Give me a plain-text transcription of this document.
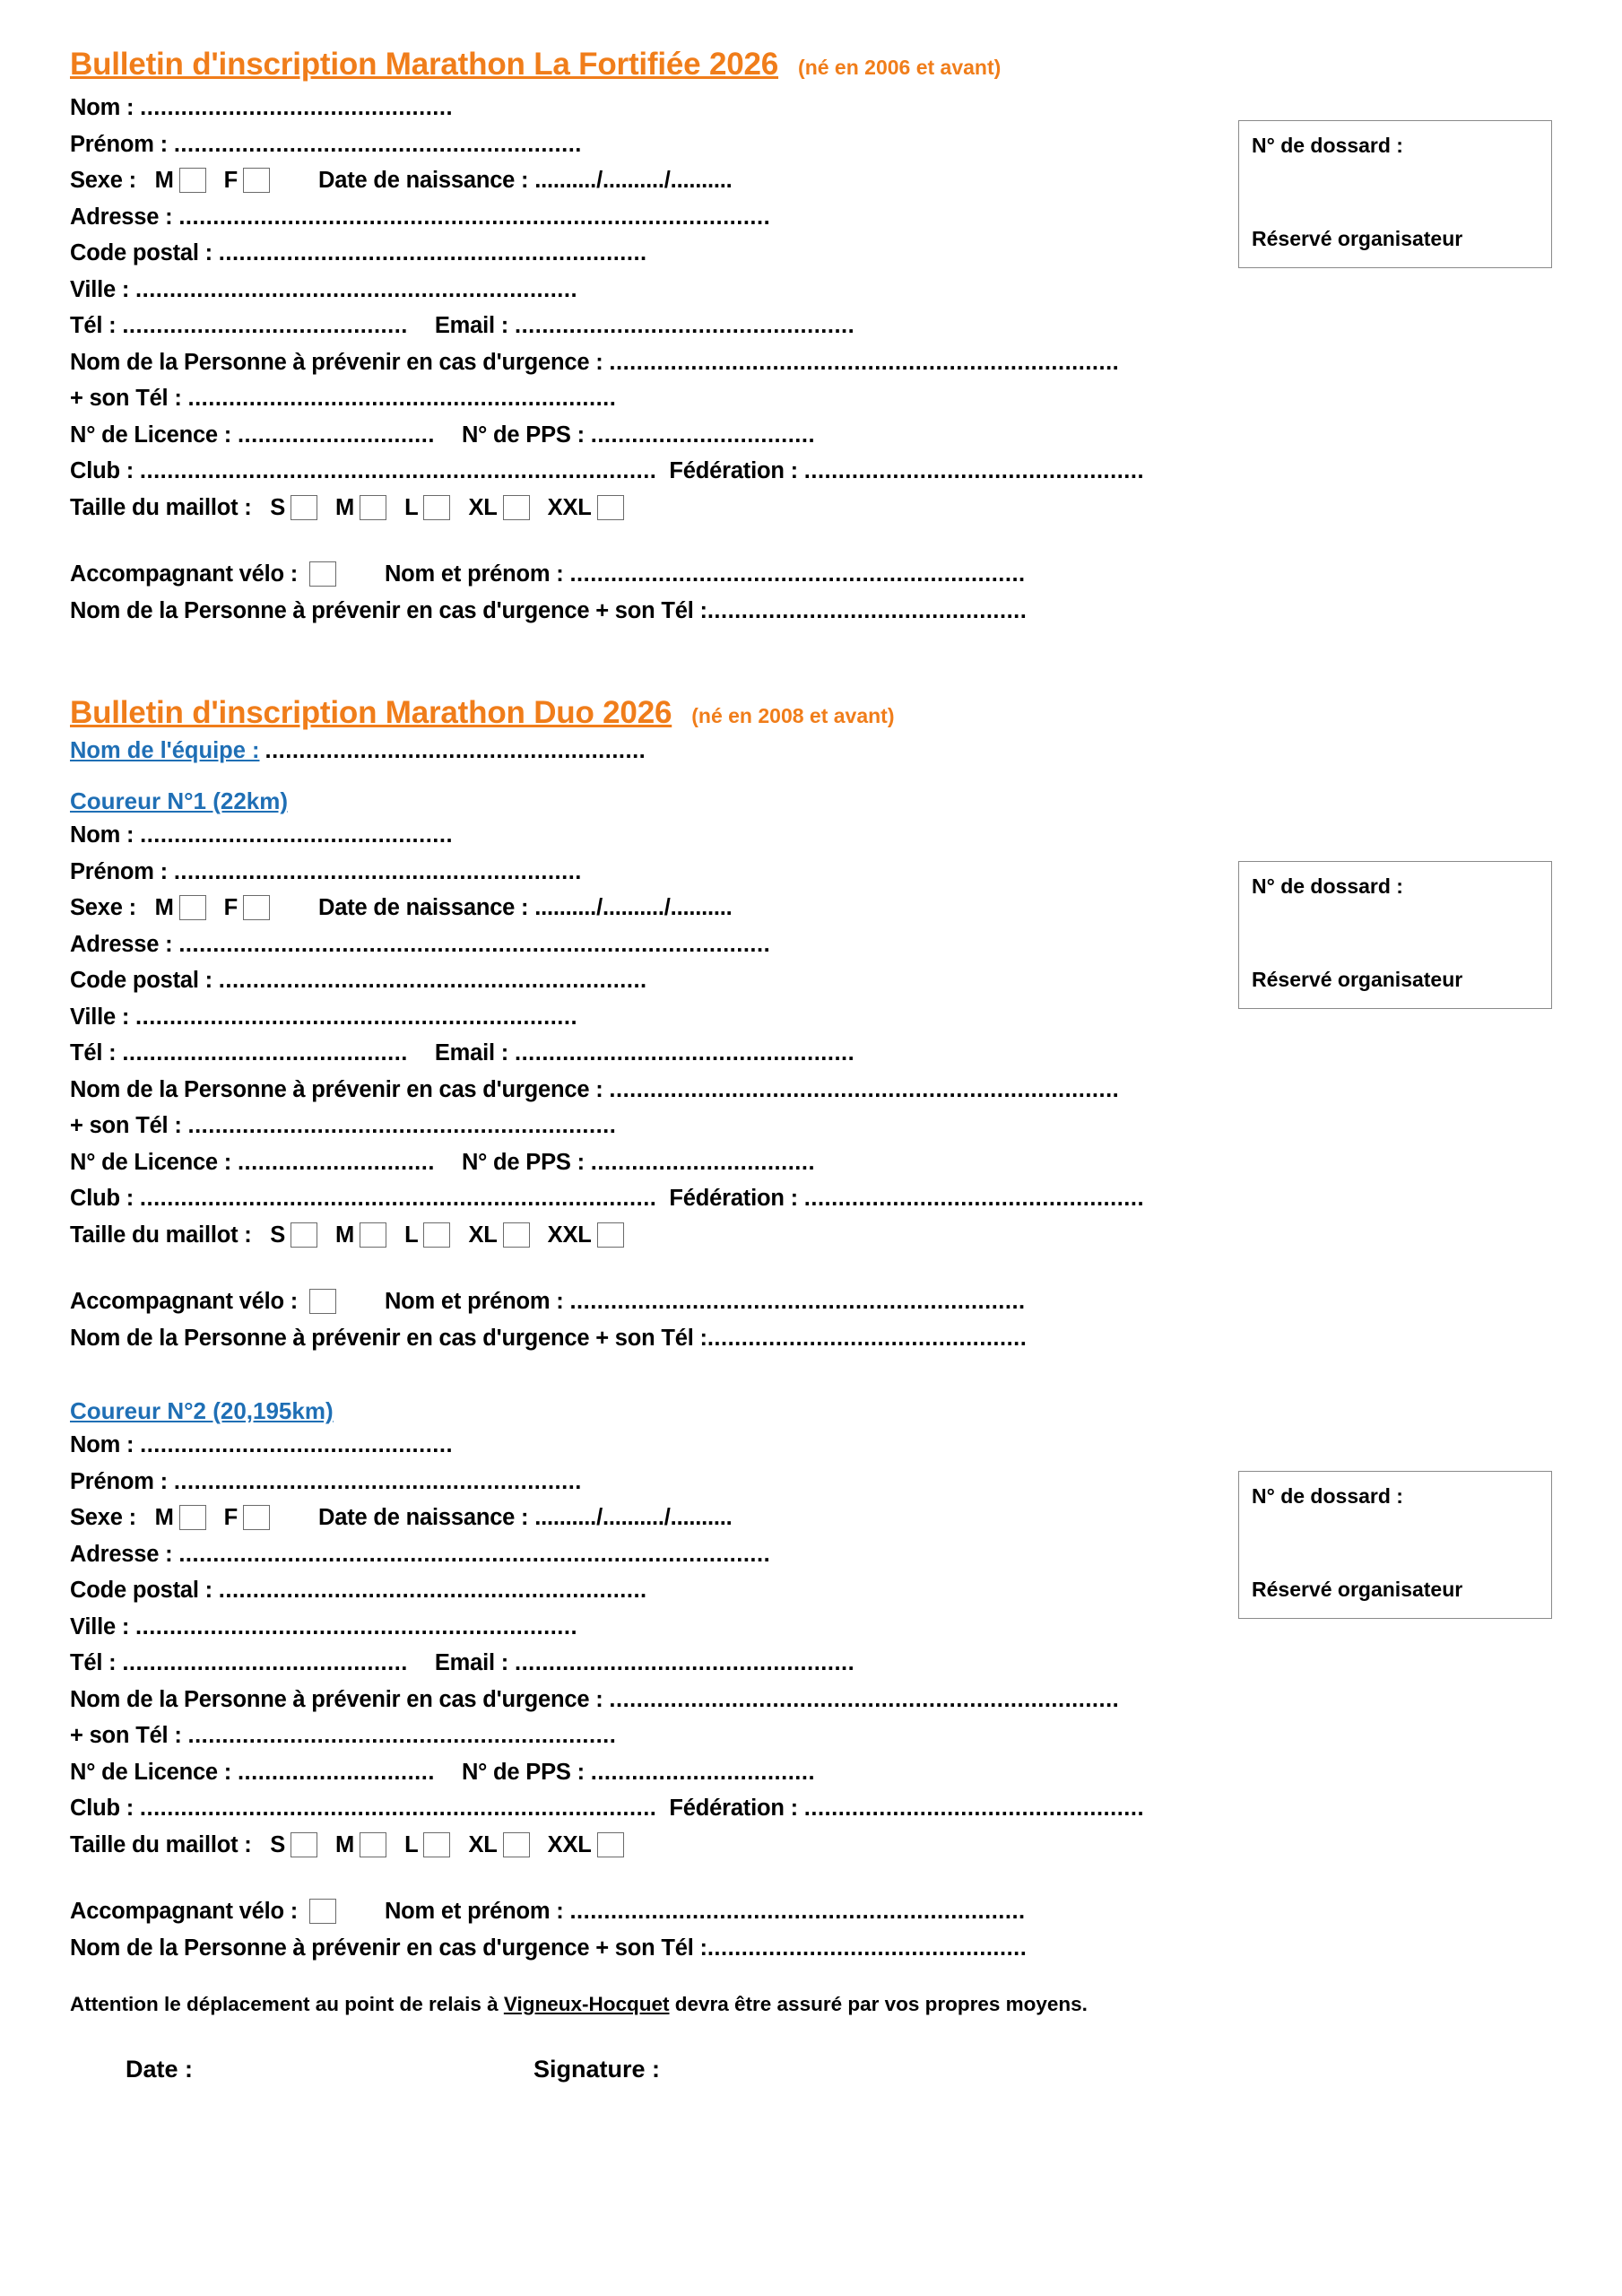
Bulletin d'inscription Marathon La Fortifiée 2026 (né en 2006 et avant)
N° de dossard :
Réservé organisateur
Nom : ..............................................
Prénom : ............................................................
Sexe :   M F	Date de naissance : ........../........../..........
Adresse : .......................................................................................
Code postal : ...............................................................
Ville : .................................................................
Tél : .......................................... Email : ..................................................
Nom de la Personne à prévenir en cas d'urgence : ...........................................................................
+ son Tél : ...............................................................
N° de Licence : ............................. N° de PPS : .................................
Club : ............................................................................ Fédération : ..................................................
Taille du maillot :   S M L XL XXL
Accompagnant vélo :	Nom et prénom : ...................................................................
Nom de la Personne à prévenir en cas d'urgence + son Tél : ...............................................
Bulletin d'inscription Marathon Duo 2026 (né en 2008 et avant)
Nom de l'équipe : ........................................................
Coureur N°1 (22km)
N° de dossard :
Réservé organisateur
Nom : ..............................................
Prénom : ............................................................
Sexe :   M F	Date de naissance : ........../........../..........
Adresse : .......................................................................................
Code postal : ...............................................................
Ville : .................................................................
Tél : .......................................... Email : ..................................................
Nom de la Personne à prévenir en cas d'urgence : ...........................................................................
+ son Tél : ...............................................................
N° de Licence : ............................. N° de PPS : .................................
Club : ............................................................................ Fédération : ..................................................
Taille du maillot :   S M L XL XXL
Accompagnant vélo :	Nom et prénom : ...................................................................
Nom de la Personne à prévenir en cas d'urgence + son Tél : ...............................................
Coureur N°2 (20,195km)
N° de dossard :
Réservé organisateur
Nom : ..............................................
Prénom : ............................................................
Sexe :   M F	Date de naissance : ........../........../..........
Adresse : .......................................................................................
Code postal : ...............................................................
Ville : .................................................................
Tél : .......................................... Email : ..................................................
Nom de la Personne à prévenir en cas d'urgence : ...........................................................................
+ son Tél : ...............................................................
N° de Licence : ............................. N° de PPS : .................................
Club : ............................................................................ Fédération : ..................................................
Taille du maillot :   S M L XL XXL
Accompagnant vélo :	Nom et prénom : ...................................................................
Nom de la Personne à prévenir en cas d'urgence + son Tél : ...............................................
Attention le déplacement au point de relais à Vigneux-Hocquet devra être assuré par vos propres moyens.
Date :	Signature :
